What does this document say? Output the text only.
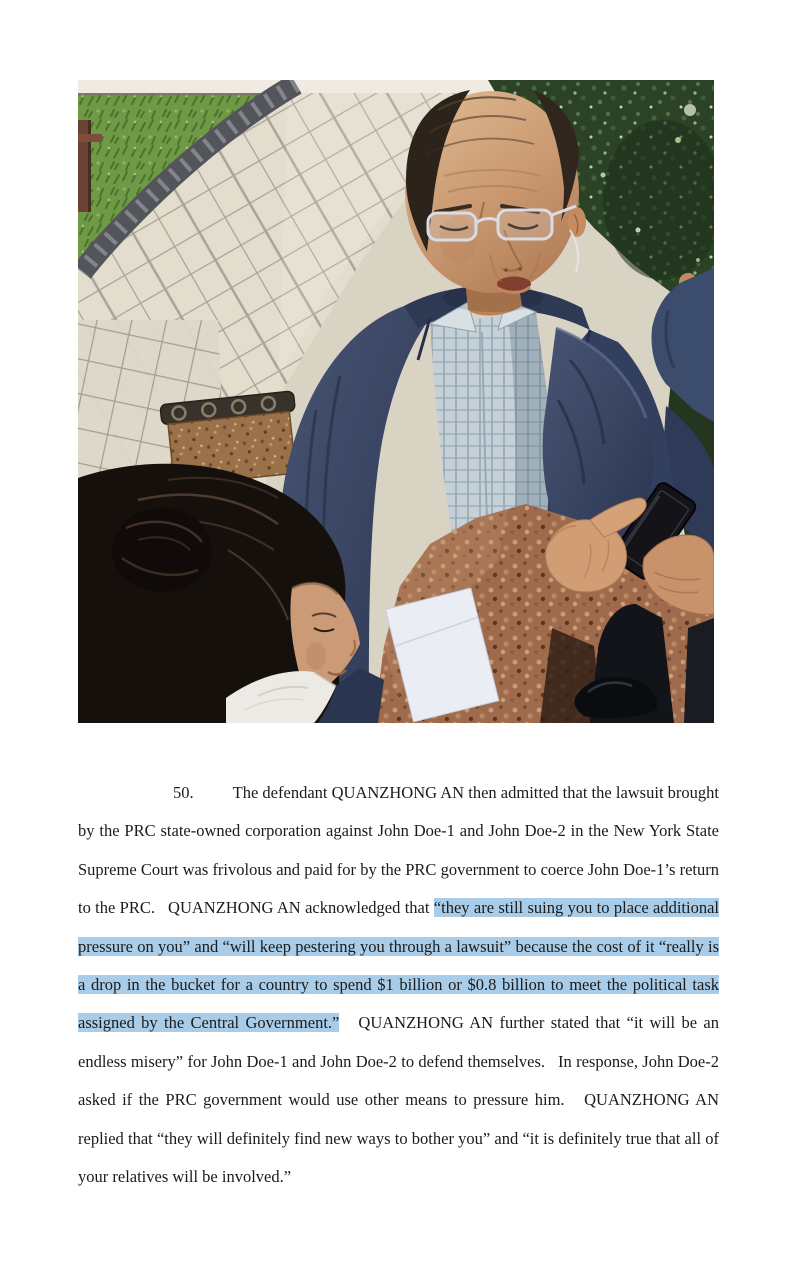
50. The defendant QUANZHONG AN then admitted that the lawsuit brought by the PRC state-owned corporation against John Doe-1 and John Doe-2 in the New York State Supreme Court was frivolous and paid for by the PRC government to coerce John Doe-1’s return to the PRC.   QUANZHONG AN acknowledged that “they are still suing you to place additional pressure on you” and “will keep pestering you through a lawsuit” because the cost of it “really is a drop in the bucket for a country to spend $1 billion or $0.8 billion to meet the political task assigned by the Central Government.”   QUANZHONG AN further stated that “it will be an endless misery” for John Doe-1 and John Doe-2 to defend themselves.   In response, John Doe-2 asked if the PRC government would use other means to pressure him.   QUANZHONG AN replied that “they will definitely find new ways to bother you” and “it is definitely true that all of your relatives will be involved.”
